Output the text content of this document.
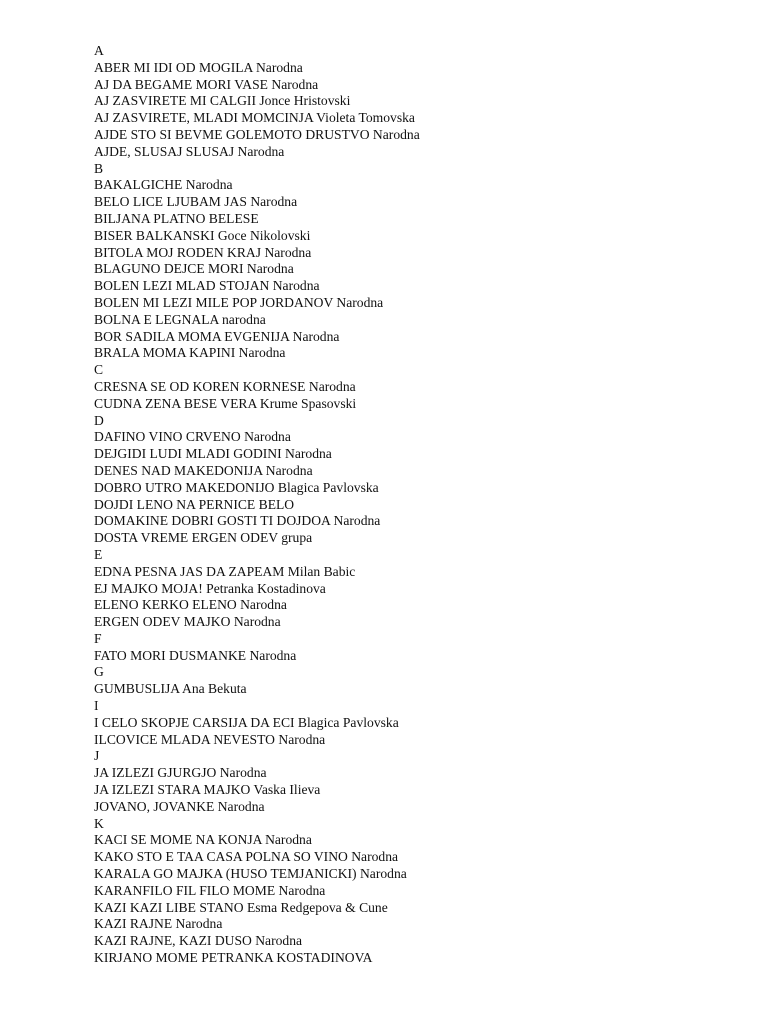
A
ABER MI IDI OD MOGILA Narodna
AJ DA BEGAME MORI VASE Narodna
AJ ZASVIRETE MI CALGII Jonce Hristovski
AJ ZASVIRETE, MLADI MOMCINJA Violeta Tomovska
AJDE STO SI BEVME GOLEMOTO DRUSTVO Narodna
AJDE, SLUSAJ SLUSAJ Narodna
B
BAKALGICHE Narodna
BELO LICE LJUBAM JAS Narodna
BILJANA PLATNO BELESE
BISER BALKANSKI Goce Nikolovski
BITOLA MOJ RODEN KRAJ Narodna
BLAGUNO DEJCE MORI Narodna
BOLEN LEZI MLAD STOJAN Narodna
BOLEN MI LEZI MILE POP JORDANOV Narodna
BOLNA E LEGNALA narodna
BOR SADILA MOMA EVGENIJA Narodna
BRALA MOMA KAPINI Narodna
C
CRESNA SE OD KOREN KORNESE Narodna
CUDNA ZENA BESE VERA Krume Spasovski
D
DAFINO VINO CRVENO Narodna
DEJGIDI LUDI MLADI GODINI Narodna
DENES NAD MAKEDONIJA Narodna
DOBRO UTRO MAKEDONIJO Blagica Pavlovska
DOJDI LENO NA PERNICE BELO
DOMAKINE DOBRI GOSTI TI DOJDOA Narodna
DOSTA VREME ERGEN ODEV grupa
E
EDNA PESNA JAS DA ZAPEAM Milan Babic
EJ MAJKO MOJA! Petranka Kostadinova
ELENO KERKO ELENO Narodna
ERGEN ODEV MAJKO Narodna
F
FATO MORI DUSMANKE Narodna
G
GUMBUSLIJA Ana Bekuta
I
I CELO SKOPJE CARSIJA DA ECI Blagica Pavlovska
ILCOVICE MLADA NEVESTO Narodna
J
JA IZLEZI GJURGJO Narodna
JA IZLEZI STARA MAJKO Vaska Ilieva
JOVANO, JOVANKE Narodna
K
KACI SE MOME NA KONJA Narodna
KAKO STO E TAA CASA POLNA SO VINO Narodna
KARALA GO MAJKA (HUSO TEMJANICKI) Narodna
KARANFILO FIL FILO MOME Narodna
KAZI KAZI LIBE STANO Esma Redgepova & Cune
KAZI RAJNE Narodna
KAZI RAJNE, KAZI DUSO Narodna
KIRJANO MOME PETRANKA KOSTADINOVA
